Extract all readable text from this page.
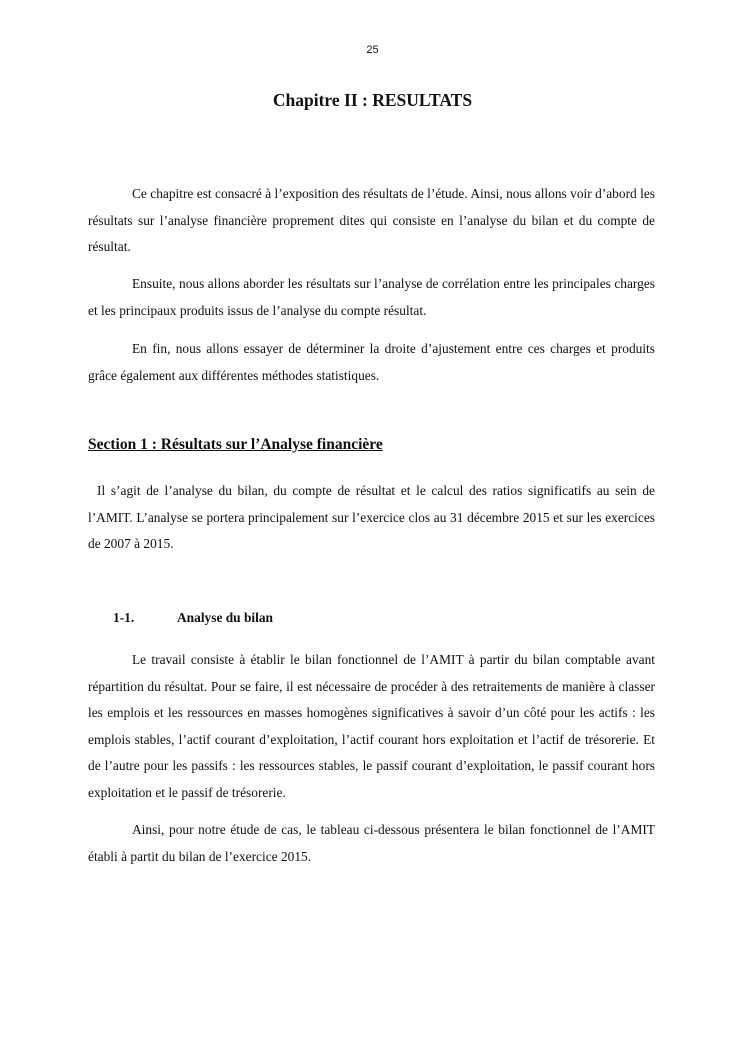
25
Chapitre II : RESULTATS

Ce chapitre est consacré à l’exposition des résultats de l’étude. Ainsi, nous allons voir d’abord les résultats sur l’analyse financière proprement dites qui consiste en l’analyse du bilan et du compte de résultat.

Ensuite, nous allons aborder les résultats sur l’analyse de corrélation entre les principales charges et les principaux produits issus de l’analyse du compte résultat.

En fin, nous allons essayer de déterminer la droite d’ajustement entre ces charges et produits grâce également aux différentes méthodes statistiques.

Section 1 : Résultats sur l’Analyse financière

Il s’agit de l’analyse du bilan, du compte de résultat et le calcul des ratios significatifs au sein de l’AMIT. L’analyse se portera principalement sur l’exercice clos au 31 décembre 2015 et sur les exercices de 2007 à 2015.

1-1.	Analyse du bilan

Le travail consiste à établir le bilan fonctionnel de l’AMIT à partir du bilan comptable avant répartition du résultat. Pour se faire, il est nécessaire de procéder à des retraitements de manière à classer les emplois et les ressources en masses homogènes significatives à savoir d’un côté pour les actifs : les emplois stables, l’actif courant d’exploitation, l’actif courant hors exploitation et l’actif de trésorerie. Et de l’autre pour les passifs : les ressources stables, le passif courant d’exploitation, le passif courant hors exploitation et le passif de trésorerie.

Ainsi, pour notre étude de cas, le tableau ci-dessous présentera le bilan fonctionnel de l’AMIT établi à partit du bilan de l’exercice 2015.
